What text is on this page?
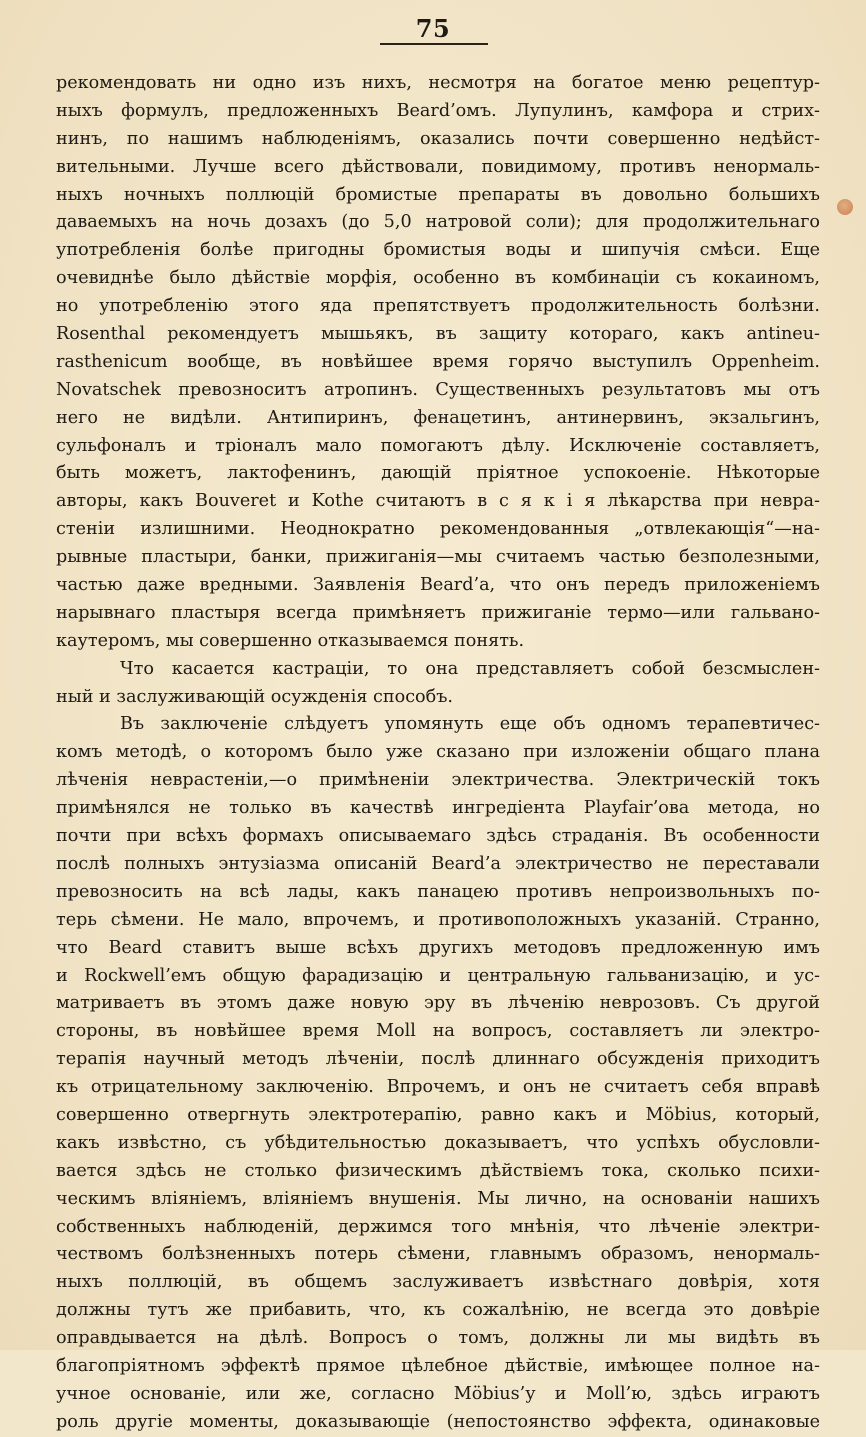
75
рекомендовать ни одно изъ нихъ, несмотря на богатое меню рецептур-
ныхъ формулъ, предложенныхъ Beard’омъ. Лупулинъ, камфора и стрих-
нинъ, по нашимъ наблюденіямъ, оказались почти совершенно недѣйст-
вительными. Лучше всего дѣйствовали, повидимому, противъ ненормаль-
ныхъ ночныхъ поллюцій бромистые препараты въ довольно большихъ
даваемыхъ на ночь дозахъ (до 5,0 натровой соли); для продолжительнаго
употребленія болѣе пригодны бромистыя воды и шипучія смѣси. Еще
очевиднѣе было дѣйствіе морфія, особенно въ комбинаціи съ кокаиномъ,
но употребленію этого яда препятствуетъ продолжительность болѣзни.
Rosenthal рекомендуетъ мышьякъ, въ защиту котораго, какъ antineu-
rasthenicum вообще, въ новѣйшее время горячо выступилъ Oppenheim.
Novatschek превозноситъ атропинъ. Существенныхъ результатовъ мы отъ
него не видѣли. Антипиринъ, фенацетинъ, антинервинъ, экзальгинъ,
сульфоналъ и тріоналъ мало помогаютъ дѣлу. Исключеніе составляетъ,
быть можетъ, лактофенинъ, дающій пріятное успокоеніе. Нѣкоторые
авторы, какъ Bouveret и Kothe считаютъ в с я к і я лѣкарства при невра-
стеніи излишними. Неоднократно рекомендованныя „отвлекающія“—на-
рывные пластыри, банки, прижиганія—мы считаемъ частью безполезными,
частью даже вредными. Заявленія Beard’а, что онъ передъ приложеніемъ
нарывнаго пластыря всегда примѣняетъ прижиганіе термо—или гальвано-
каутеромъ, мы совершенно отказываемся понять.
Что касается кастраціи, то она представляетъ собой безсмыслен-
ный и заслуживающій осужденія способъ.
Въ заключеніе слѣдуетъ упомянуть еще объ одномъ терапевтичес-
комъ методѣ, о которомъ было уже сказано при изложеніи общаго плана
лѣченія неврастеніи,—о примѣненіи электричества. Электрическій токъ
примѣнялся не только въ качествѣ ингредіента Playfair’ова метода, но
почти при всѣхъ формахъ описываемаго здѣсь страданія. Въ особенности
послѣ полныхъ энтузіазма описаній Beard’а электричество не переставали
превозносить на всѣ лады, какъ панацею противъ непроизвольныхъ по-
терь сѣмени. Не мало, впрочемъ, и противоположныхъ указаній. Странно,
что Beard ставитъ выше всѣхъ другихъ методовъ предложенную имъ
и Rockwell’емъ общую фарадизацію и центральную гальванизацію, и ус-
матриваетъ въ этомъ даже новую эру въ лѣченію неврозовъ. Съ другой
стороны, въ новѣйшее время Moll на вопросъ, составляетъ ли электро-
терапія научный методъ лѣченіи, послѣ длиннаго обсужденія приходитъ
къ отрицательному заключенію. Впрочемъ, и онъ не считаетъ себя вправѣ
совершенно отвергнуть электротерапію, равно какъ и Möbius, который,
какъ извѣстно, съ убѣдительностью доказываетъ, что успѣхъ обусловли-
вается здѣсь не столько физическимъ дѣйствіемъ тока, сколько психи-
ческимъ вліяніемъ, вліяніемъ внушенія. Мы лично, на основаніи нашихъ
собственныхъ наблюденій, держимся того мнѣнія, что лѣченіе электри-
чествомъ болѣзненныхъ потерь сѣмени, главнымъ образомъ, ненормаль-
ныхъ поллюцій, въ общемъ заслуживаетъ извѣстнаго довѣрія, хотя
должны тутъ же прибавить, что, къ сожалѣнію, не всегда это довѣріе
оправдывается на дѣлѣ. Вопросъ о томъ, должны ли мы видѣть въ
благопріятномъ эффектѣ прямое цѣлебное дѣйствіе, имѣющее полное на-
учное основаніе, или же, согласно Möbius’у и Moll’ю, здѣсь играютъ
роль другіе моменты, доказывающіе (непостоянство эффекта, одинаковые
